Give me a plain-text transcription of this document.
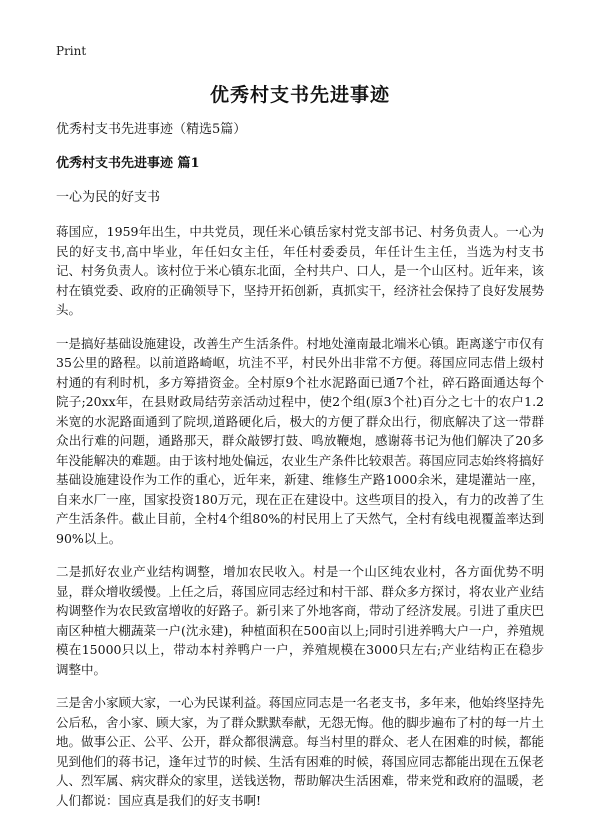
Print
优秀村支书先进事迹

优秀村支书先进事迹（精选5篇）

优秀村支书先进事迹 篇1

一心为民的好支书

蒋国应，1959年出生，中共党员，现任米心镇岳家村党支部书记、村务负责人。一心为民的好支书,高中毕业，年任妇女主任，年任村委委员，年任计生主任，当选为村支书记、村务负责人。该村位于米心镇东北面，全村共户、口人，是一个山区村。近年来，该村在镇党委、政府的正确领导下，坚持开拓创新，真抓实干，经济社会保持了良好发展势头。

一是搞好基础设施建设，改善生产生活条件。村地处潼南最北端米心镇。距离遂宁市仅有35公里的路程。以前道路崎岖，坑洼不平，村民外出非常不方便。蒋国应同志借上级村村通的有利时机，多方筹措资金。全村原9个社水泥路面已通7个社，碎石路面通达每个院子;20xx年，在县财政局结劳亲活动过程中，使2个组(原3个社)百分之七十的农户1.2米宽的水泥路面通到了院坝,道路硬化后，极大的方便了群众出行，彻底解决了这一带群众出行难的问题，通路那天，群众敲锣打鼓、鸣放鞭炮，感谢蒋书记为他们解决了20多年没能解决的难题。由于该村地处偏远，农业生产条件比较艰苦。蒋国应同志始终将搞好基础设施建设作为工作的重心，近年来，新建、维修生产路1000余米，建堤灌站一座，自来水厂一座，国家投资180万元，现在正在建设中。这些项目的投入，有力的改善了生产生活条件。截止目前，全村4个组80%的村民用上了天然气，全村有线电视覆盖率达到90%以上。

二是抓好农业产业结构调整，增加农民收入。村是一个山区纯农业村，各方面优势不明显，群众增收缓慢。上任之后，蒋国应同志经过和村干部、群众多方探讨，将农业产业结构调整作为农民致富增收的好路子。新引来了外地客商，带动了经济发展。引进了重庆巴南区种植大棚蔬菜一户(沈永建)，种植面积在500亩以上;同时引进养鸭大户一户，养殖规模在15000只以上，带动本村养鸭户一户，养殖规模在3000只左右;产业结构正在稳步调整中。

三是舍小家顾大家，一心为民谋利益。蒋国应同志是一名老支书，多年来，他始终坚持先公后私，舍小家、顾大家，为了群众默默奉献，无怨无悔。他的脚步遍布了村的每一片土地。做事公正、公平、公开，群众都很满意。每当村里的群众、老人在困难的时候，都能见到他们的蒋书记，逢年过节的时候、生活有困难的时候，蒋国应同志都能出现在五保老人、烈军属、病灾群众的家里，送钱送物，帮助解决生活困难，带来党和政府的温暖，老人们都说：国应真是我们的好支书啊!
